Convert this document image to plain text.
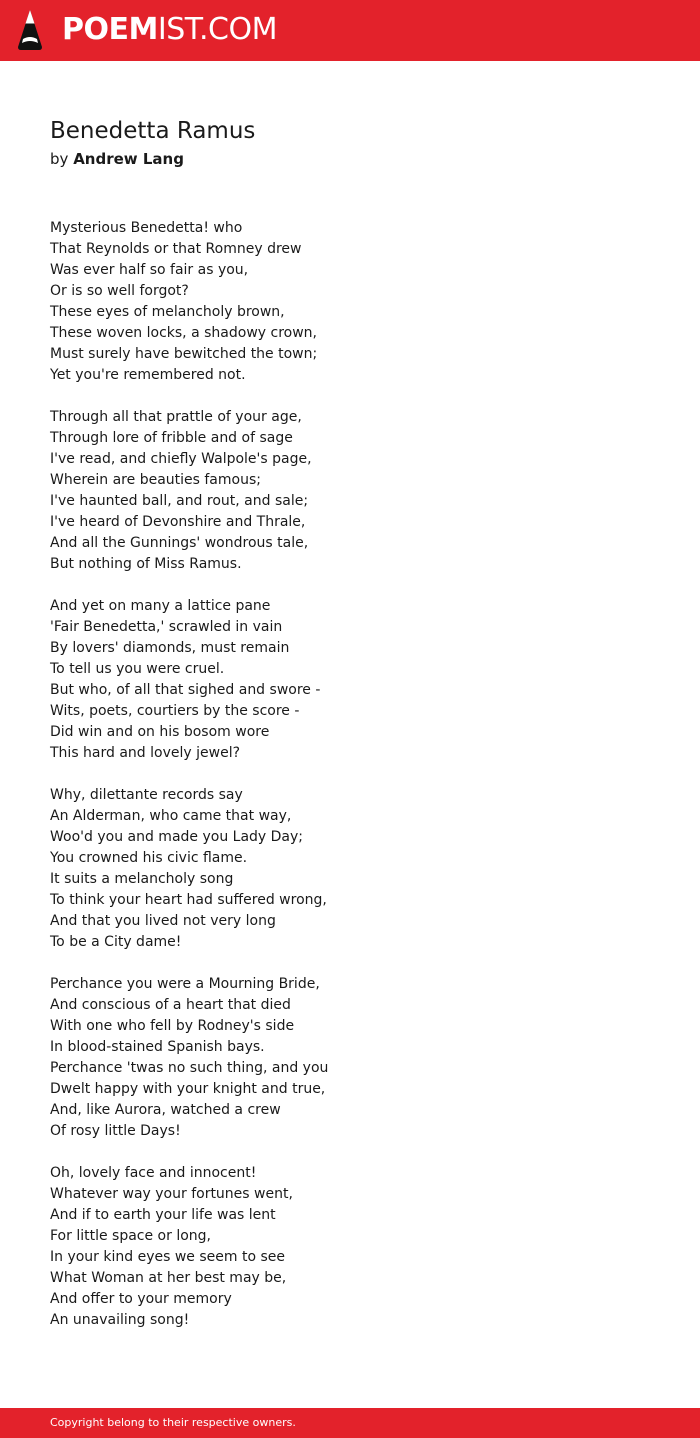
POEMIST.COM
Benedetta Ramus
by Andrew Lang
Mysterious Benedetta! who
That Reynolds or that Romney drew
Was ever half so fair as you,
Or is so well forgot?
These eyes of melancholy brown,
These woven locks, a shadowy crown,
Must surely have bewitched the town;
Yet you're remembered not.
Through all that prattle of your age,
Through lore of fribble and of sage
I've read, and chiefly Walpole's page,
Wherein are beauties famous;
I've haunted ball, and rout, and sale;
I've heard of Devonshire and Thrale,
And all the Gunnings' wondrous tale,
But nothing of Miss Ramus.
And yet on many a lattice pane
'Fair Benedetta,' scrawled in vain
By lovers' diamonds, must remain
To tell us you were cruel.
But who, of all that sighed and swore -
Wits, poets, courtiers by the score -
Did win and on his bosom wore
This hard and lovely jewel?
Why, dilettante records say
An Alderman, who came that way,
Woo'd you and made you Lady Day;
You crowned his civic flame.
It suits a melancholy song
To think your heart had suffered wrong,
And that you lived not very long
To be a City dame!
Perchance you were a Mourning Bride,
And conscious of a heart that died
With one who fell by Rodney's side
In blood-stained Spanish bays.
Perchance 'twas no such thing, and you
Dwelt happy with your knight and true,
And, like Aurora, watched a crew
Of rosy little Days!
Oh, lovely face and innocent!
Whatever way your fortunes went,
And if to earth your life was lent
For little space or long,
In your kind eyes we seem to see
What Woman at her best may be,
And offer to your memory
An unavailing song!
Copyright belong to their respective owners.
